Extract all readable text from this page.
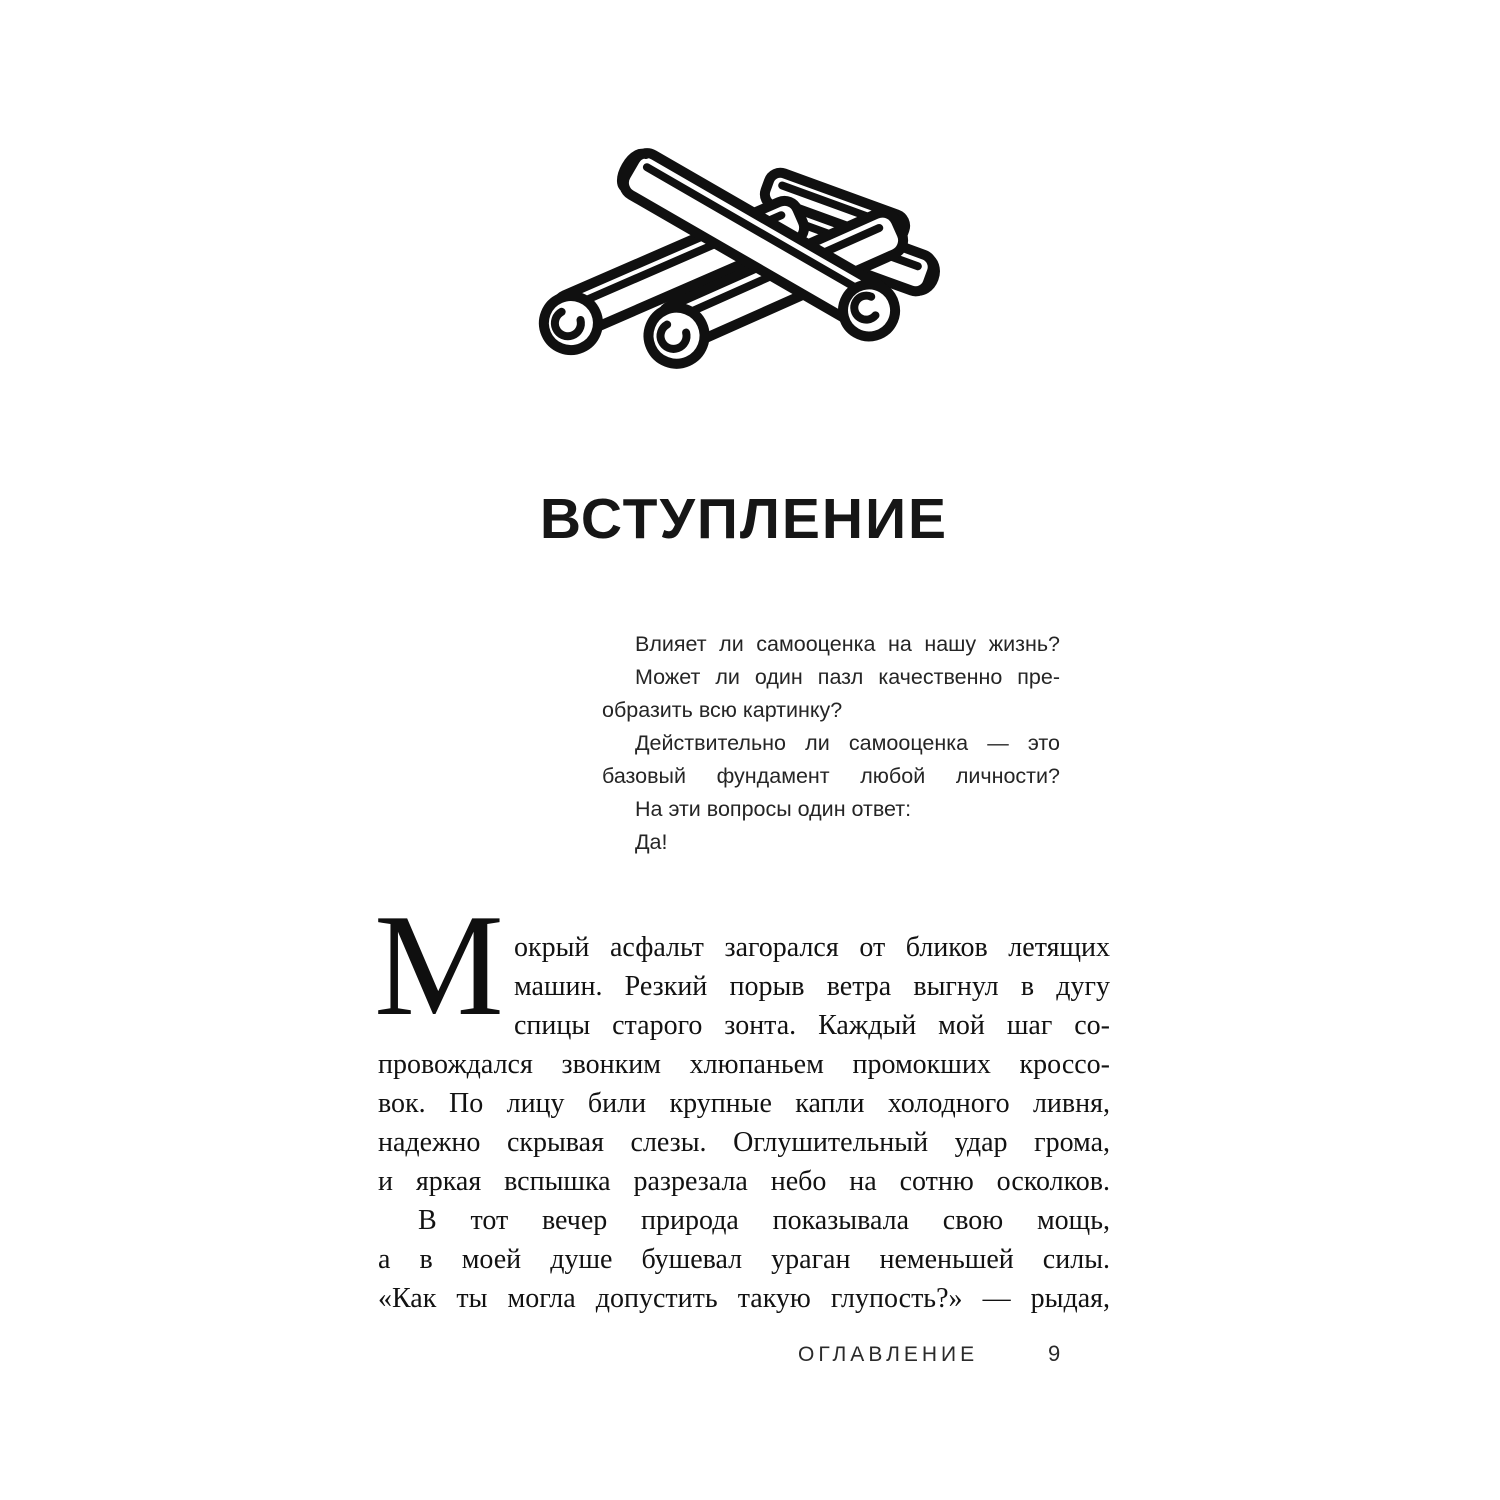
ВСТУПЛЕНИЕ
Влияет ли самооценка на нашу жизнь?
Может ли один пазл качественно пре-
образить всю картинку?
Действительно ли самооценка — это
базовый фундамент любой личности?
На эти вопросы один ответ:
Да!
М окрый асфальт загорался от бликов летящих
машин. Резкий порыв ветра выгнул в дугу
спицы старого зонта. Каждый мой шаг со-
провождался звонким хлюпаньем промокших кроссо-
вок. По лицу били крупные капли холодного ливня,
надежно скрывая слезы. Оглушительный удар грома,
и яркая вспышка разрезала небо на сотню осколков.
В тот вечер природа показывала свою мощь,
а в моей душе бушевал ураган неменьшей силы.
«Как ты могла допустить такую глупость?» — рыдая,
ОГЛАВЛЕНИЕ	9
